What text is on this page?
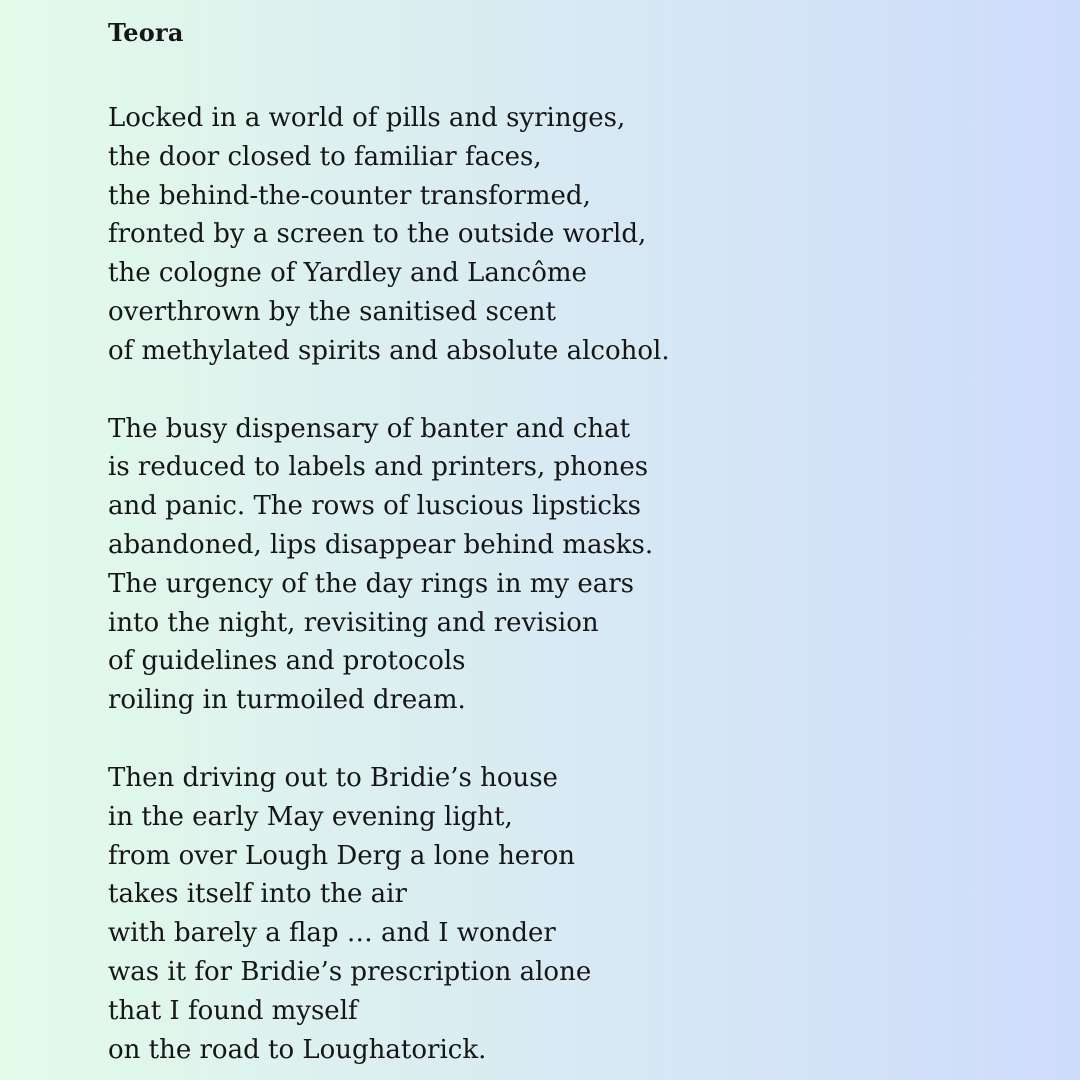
Teora
Locked in a world of pills and syringes,
the door closed to familiar faces,
the behind-the-counter transformed,
fronted by a screen to the outside world,
the cologne of Yardley and Lancôme
overthrown by the sanitised scent
of methylated spirits and absolute alcohol.
The busy dispensary of banter and chat
is reduced to labels and printers, phones
and panic. The rows of luscious lipsticks
abandoned, lips disappear behind masks.
The urgency of the day rings in my ears
into the night, revisiting and revision
of guidelines and protocols
roiling in turmoiled dream.
Then driving out to Bridie’s house
in the early May evening light,
from over Lough Derg a lone heron
takes itself into the air
with barely a flap … and I wonder
was it for Bridie’s prescription alone
that I found myself
on the road to Loughatorick.
